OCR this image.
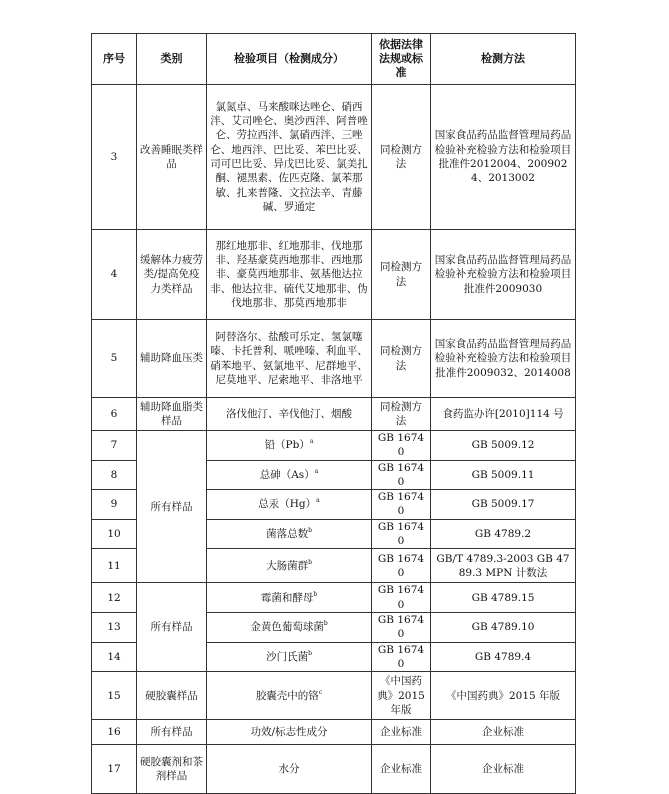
序号	类别	检验项目（检测成分）	依据法律法规或标准	检测方法
3	改善睡眠类样品	氯氮卓、马来酸咪达唑仑、硝西泮、艾司唑仑、奥沙西泮、阿普唑仑、劳拉西泮、氯硝西泮、三唑仑、地西泮、巴比妥、苯巴比妥、司可巴比妥、异戊巴比妥、氯美扎酮、褪黑素、佐匹克隆、氯苯那敏、扎来普隆、文拉法辛、青藤碱、罗通定	同检测方法	国家食品药品监督管理局药品检验补充检验方法和检验项目批准件2012004、2009024、2013002
4	缓解体力疲劳类/提高免疫力类样品	那红地那非、红地那非、伐地那非、羟基豪莫西地那非、西地那非、豪莫西地那非、氨基他达拉非、他达拉非、硫代艾地那非、伪伐地那非、那莫西地那非	同检测方法	国家食品药品监督管理局药品检验补充检验方法和检验项目批准件2009030
5	辅助降血压类	阿替洛尔、盐酸可乐定、氢氯噻嗪、卡托普利、哌唑嗪、利血平、硝苯地平、氨氯地平、尼群地平、尼莫地平、尼索地平、非洛地平	同检测方法	国家食品药品监督管理局药品检验补充检验方法和检验项目批准件2009032、2014008
6	辅助降血脂类样品	洛伐他汀、辛伐他汀、烟酸	同检测方法	食药监办许[2010]114 号
7	所有样品	铅$(Pb)^a$	GB 16740	GB 5009.12
8		总砷$(As)^a$	GB 16740	GB 5009.11
9		总汞$(Hg)^a$	GB 16740	GB 5009.17
10		菌落总数$^b$	GB 16740	GB 4789.2
11		大肠菌群$^b$	GB 16740	GB/T 4789.3-2003 GB 4789.3 MPN 计数法
12	所有样品	霉菌和酵母$^b$	GB 16740	GB 4789.15
13		金黄色葡萄球菌$^b$	GB 16740	GB 4789.10
14		沙门氏菌$^b$	GB 16740	GB 4789.4
15	硬胶囊样品	胶囊壳中的铬$^c$	《中国药典》2015 年版	《中国药典》2015 年版
16	所有样品	功效/标志性成分	企业标准	企业标准
17	硬胶囊剂和茶剂样品	水分	企业标准	企业标准
